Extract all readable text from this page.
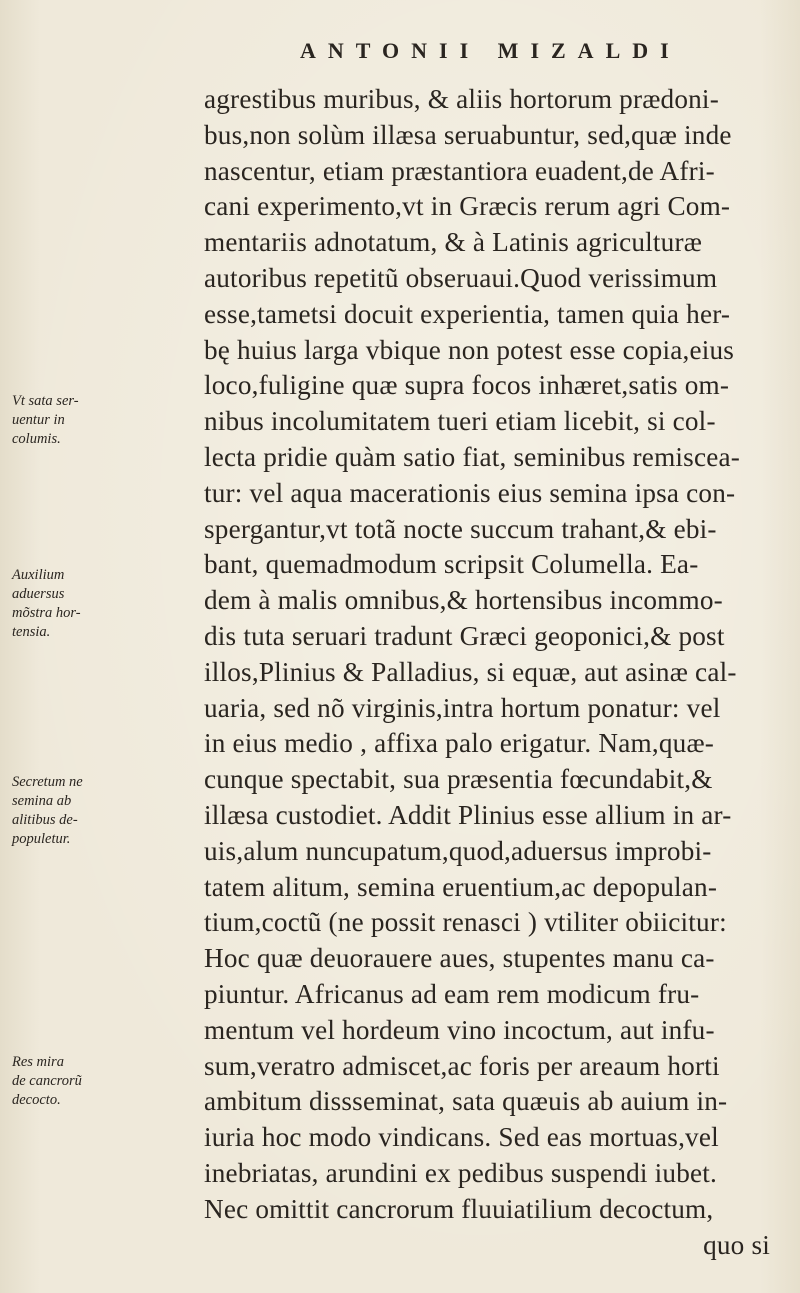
ANTONII MIZALDI
agrestibus muribus, & aliis hortorum prædoni-
bus,non solùm illæsa seruabuntur, sed,quæ inde
nascentur, etiam præstantiora euadent,de Afri-
cani experimento,vt in Græcis rerum agri Com-
mentariis adnotatum, & à Latinis agriculturæ
autoribus repetitũ obseruaui.Quod verissimum
esse,tametsi docuit experientia, tamen quia her-
bę huius larga vbique non potest esse copia,eius
loco,fuligine quæ supra focos inhæret,satis om-
nibus incolumitatem tueri etiam licebit, si col-
lecta pridie quàm satio fiat, seminibus remiscea-
tur: vel aqua macerationis eius semina ipsa con-
spergantur,vt totã nocte succum trahant,& ebi-
bant, quemadmodum scripsit Columella. Ea-
dem à malis omnibus,& hortensibus incommo-
dis tuta seruari tradunt Græci geoponici,& post
illos,Plinius & Palladius, si equæ, aut asinæ cal-
uaria, sed nõ virginis,intra hortum ponatur: vel
in eius medio , affixa palo erigatur. Nam,quæ-
cunque spectabit, sua præsentia fœcundabit,&
illæsa custodiet. Addit Plinius esse allium in ar-
uis,alum nuncupatum,quod,aduersus improbi-
tatem alitum, semina eruentium,ac depopulan-
tium,coctũ (ne possit renasci ) vtiliter obiicitur:
Hoc quæ deuorauere aues, stupentes manu ca-
piuntur. Africanus ad eam rem modicum fru-
mentum vel hordeum vino incoctum, aut infu-
sum,veratro admiscet,ac foris per areaum horti
ambitum dissseminat, sata quæuis ab auium in-
iuria hoc modo vindicans. Sed eas mortuas,vel
inebriatas, arundini ex pedibus suspendi iubet.
Nec omittit cancrorum fluuiatilium decoctum,
quo si
Vt sata ser-
uentur in
columis.
Auxilium
aduersus
mõstra hor-
tensia.
Secretum ne
semina ab
alitibus de-
populetur.
Res mira
de cancrorũ
decocto.
